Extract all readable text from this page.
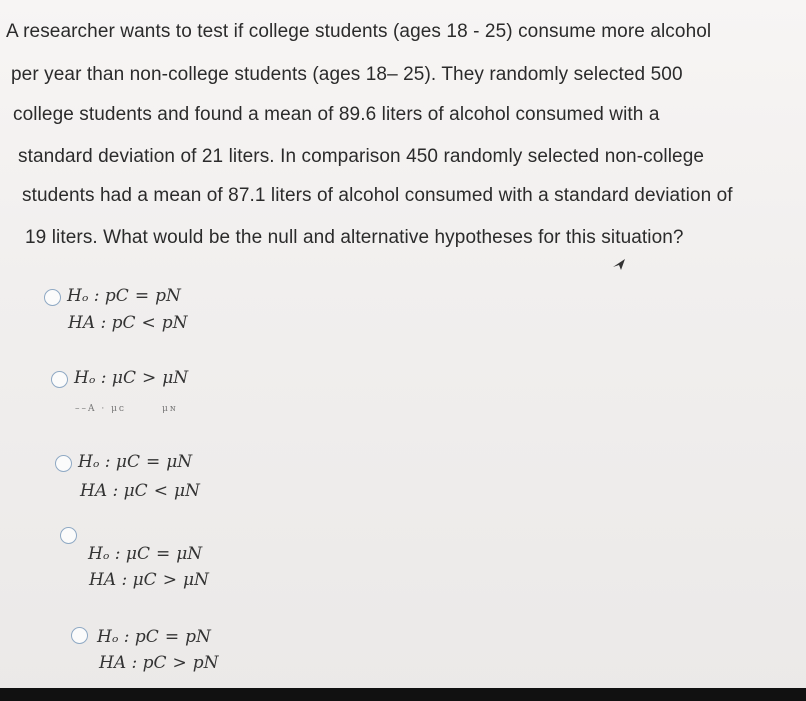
A researcher wants to test if college students (ages 18 - 25) consume more alcohol
per year than non-college students (ages 18– 25). They randomly selected 500
college students and found a mean of 89.6 liters of alcohol consumed with a
standard deviation of 21 liters. In comparison 450 randomly selected non-college
students had a mean of 87.1 liters of alcohol consumed with a standard deviation of
19 liters. What would be the null and alternative hypotheses for this situation?
Hₒ : pC = pN
HA : pC < pN
Hₒ : μC > μN
––A · μᴄ	μɴ
Hₒ : μC = μN
HA : μC < μN
Hₒ : μC = μN
HA : μC > μN
Hₒ : pC = pN
HA : pC > pN
